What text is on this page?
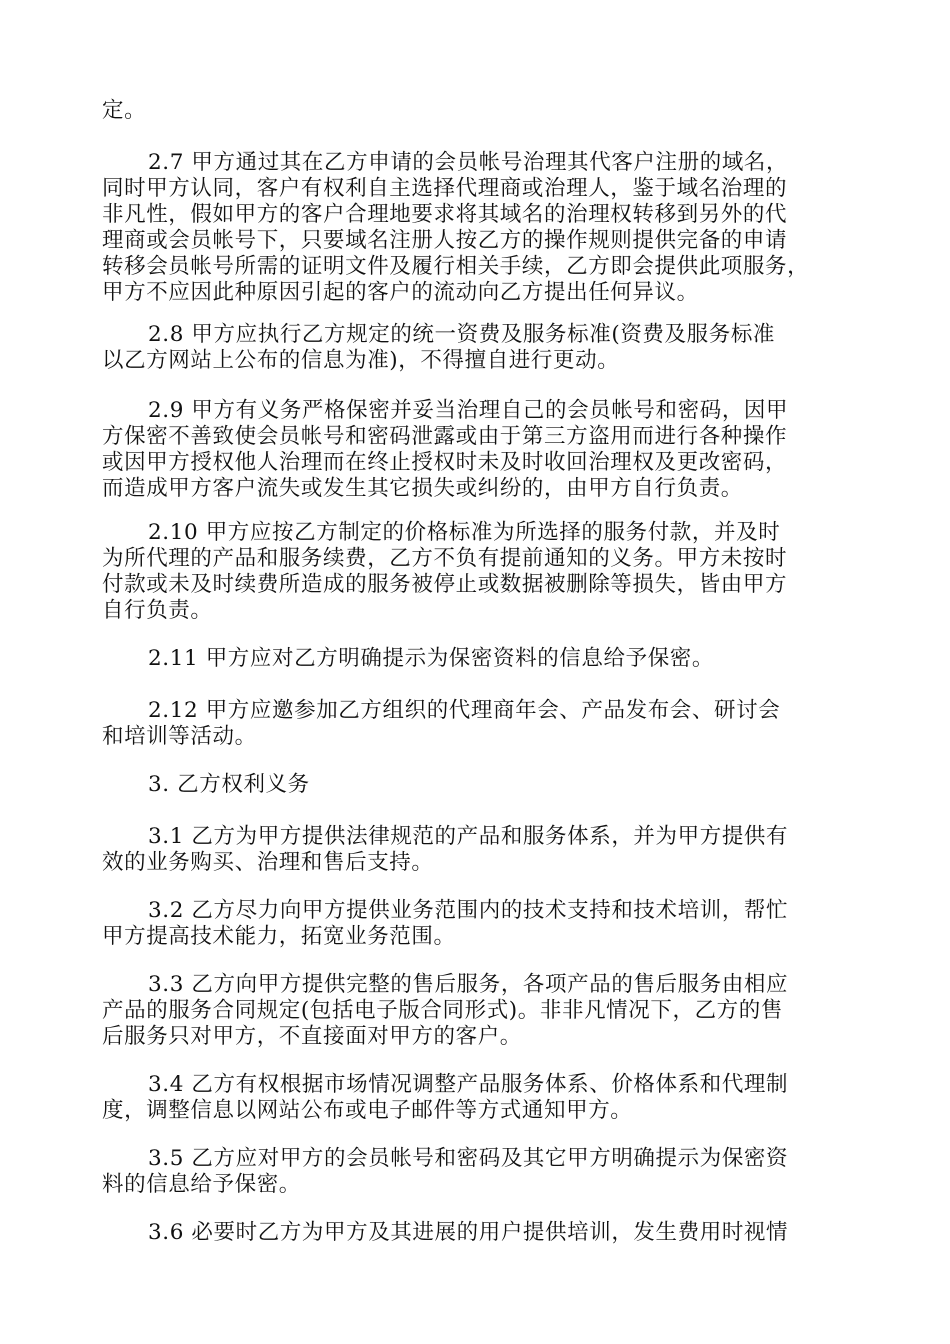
定。

2.7 甲方通过其在乙方申请的会员帐号治理其代客户注册的域名，
同时甲方认同，客户有权利自主选择代理商或治理人，鉴于域名治理的
非凡性，假如甲方的客户合理地要求将其域名的治理权转移到另外的代
理商或会员帐号下，只要域名注册人按乙方的操作规则提供完备的申请
转移会员帐号所需的证明文件及履行相关手续，乙方即会提供此项服务，
甲方不应因此种原因引起的客户的流动向乙方提出任何异议。

2.8 甲方应执行乙方规定的统一资费及服务标准(资费及服务标准
以乙方网站上公布的信息为准)，不得擅自进行更动。

2.9 甲方有义务严格保密并妥当治理自己的会员帐号和密码，因甲
方保密不善致使会员帐号和密码泄露或由于第三方盗用而进行各种操作
或因甲方授权他人治理而在终止授权时未及时收回治理权及更改密码，
而造成甲方客户流失或发生其它损失或纠纷的，由甲方自行负责。

2.10 甲方应按乙方制定的价格标准为所选择的服务付款，并及时
为所代理的产品和服务续费，乙方不负有提前通知的义务。甲方未按时
付款或未及时续费所造成的服务被停止或数据被删除等损失，皆由甲方
自行负责。

2.11 甲方应对乙方明确提示为保密资料的信息给予保密。

2.12 甲方应邀参加乙方组织的代理商年会、产品发布会、研讨会
和培训等活动。

3. 乙方权利义务

3.1 乙方为甲方提供法律规范的产品和服务体系，并为甲方提供有
效的业务购买、治理和售后支持。

3.2 乙方尽力向甲方提供业务范围内的技术支持和技术培训，帮忙
甲方提高技术能力，拓宽业务范围。

3.3 乙方向甲方提供完整的售后服务，各项产品的售后服务由相应
产品的服务合同规定(包括电子版合同形式)。非非凡情况下，乙方的售
后服务只对甲方，不直接面对甲方的客户。

3.4 乙方有权根据市场情况调整产品服务体系、价格体系和代理制
度，调整信息以网站公布或电子邮件等方式通知甲方。

3.5 乙方应对甲方的会员帐号和密码及其它甲方明确提示为保密资
料的信息给予保密。

3.6 必要时乙方为甲方及其进展的用户提供培训，发生费用时视情
